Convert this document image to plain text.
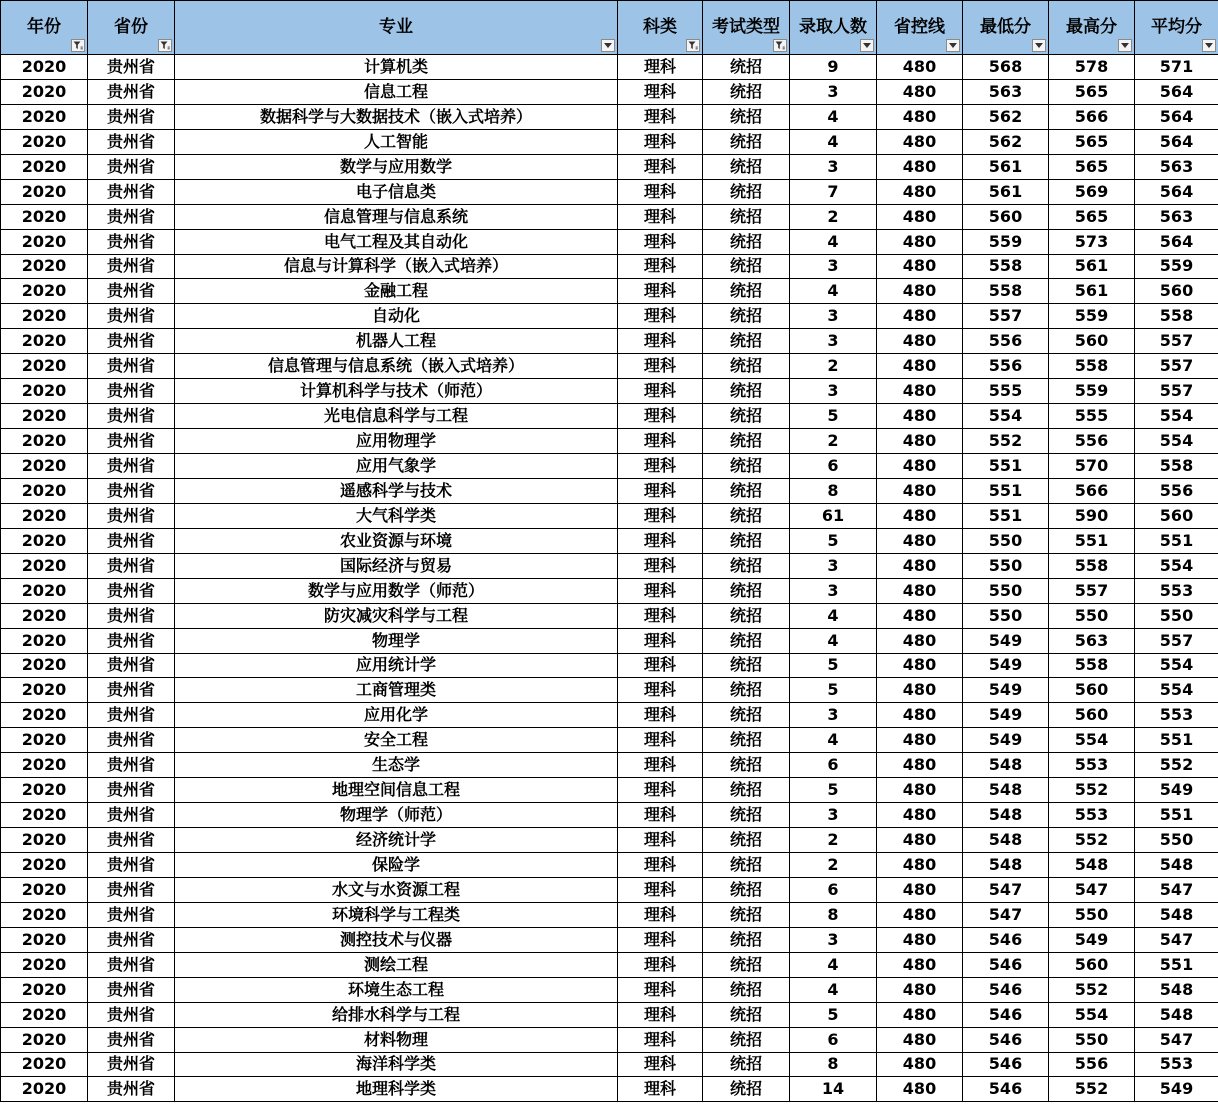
年份	省份	专业	科类	考试类型	录取人数	省控线	最低分	最高分	平均分

2020	贵州省	计算机类	理科	统招	9	480	568	578	571
2020	贵州省	信息工程	理科	统招	3	480	563	565	564
2020	贵州省	数据科学与大数据技术（嵌入式培养）	理科	统招	4	480	562	566	564
2020	贵州省	人工智能	理科	统招	4	480	562	565	564
2020	贵州省	数学与应用数学	理科	统招	3	480	561	565	563
2020	贵州省	电子信息类	理科	统招	7	480	561	569	564
2020	贵州省	信息管理与信息系统	理科	统招	2	480	560	565	563
2020	贵州省	电气工程及其自动化	理科	统招	4	480	559	573	564
2020	贵州省	信息与计算科学（嵌入式培养）	理科	统招	3	480	558	561	559
2020	贵州省	金融工程	理科	统招	4	480	558	561	560
2020	贵州省	自动化	理科	统招	3	480	557	559	558
2020	贵州省	机器人工程	理科	统招	3	480	556	560	557
2020	贵州省	信息管理与信息系统（嵌入式培养）	理科	统招	2	480	556	558	557
2020	贵州省	计算机科学与技术（师范）	理科	统招	3	480	555	559	557
2020	贵州省	光电信息科学与工程	理科	统招	5	480	554	555	554
2020	贵州省	应用物理学	理科	统招	2	480	552	556	554
2020	贵州省	应用气象学	理科	统招	6	480	551	570	558
2020	贵州省	遥感科学与技术	理科	统招	8	480	551	566	556
2020	贵州省	大气科学类	理科	统招	61	480	551	590	560
2020	贵州省	农业资源与环境	理科	统招	5	480	550	551	551
2020	贵州省	国际经济与贸易	理科	统招	3	480	550	558	554
2020	贵州省	数学与应用数学（师范）	理科	统招	3	480	550	557	553
2020	贵州省	防灾减灾科学与工程	理科	统招	4	480	550	550	550
2020	贵州省	物理学	理科	统招	4	480	549	563	557
2020	贵州省	应用统计学	理科	统招	5	480	549	558	554
2020	贵州省	工商管理类	理科	统招	5	480	549	560	554
2020	贵州省	应用化学	理科	统招	3	480	549	560	553
2020	贵州省	安全工程	理科	统招	4	480	549	554	551
2020	贵州省	生态学	理科	统招	6	480	548	553	552
2020	贵州省	地理空间信息工程	理科	统招	5	480	548	552	549
2020	贵州省	物理学（师范）	理科	统招	3	480	548	553	551
2020	贵州省	经济统计学	理科	统招	2	480	548	552	550
2020	贵州省	保险学	理科	统招	2	480	548	548	548
2020	贵州省	水文与水资源工程	理科	统招	6	480	547	547	547
2020	贵州省	环境科学与工程类	理科	统招	8	480	547	550	548
2020	贵州省	测控技术与仪器	理科	统招	3	480	546	549	547
2020	贵州省	测绘工程	理科	统招	4	480	546	560	551
2020	贵州省	环境生态工程	理科	统招	4	480	546	552	548
2020	贵州省	给排水科学与工程	理科	统招	5	480	546	554	548
2020	贵州省	材料物理	理科	统招	6	480	546	550	547
2020	贵州省	海洋科学类	理科	统招	8	480	546	556	553
2020	贵州省	地理科学类	理科	统招	14	480	546	552	549
